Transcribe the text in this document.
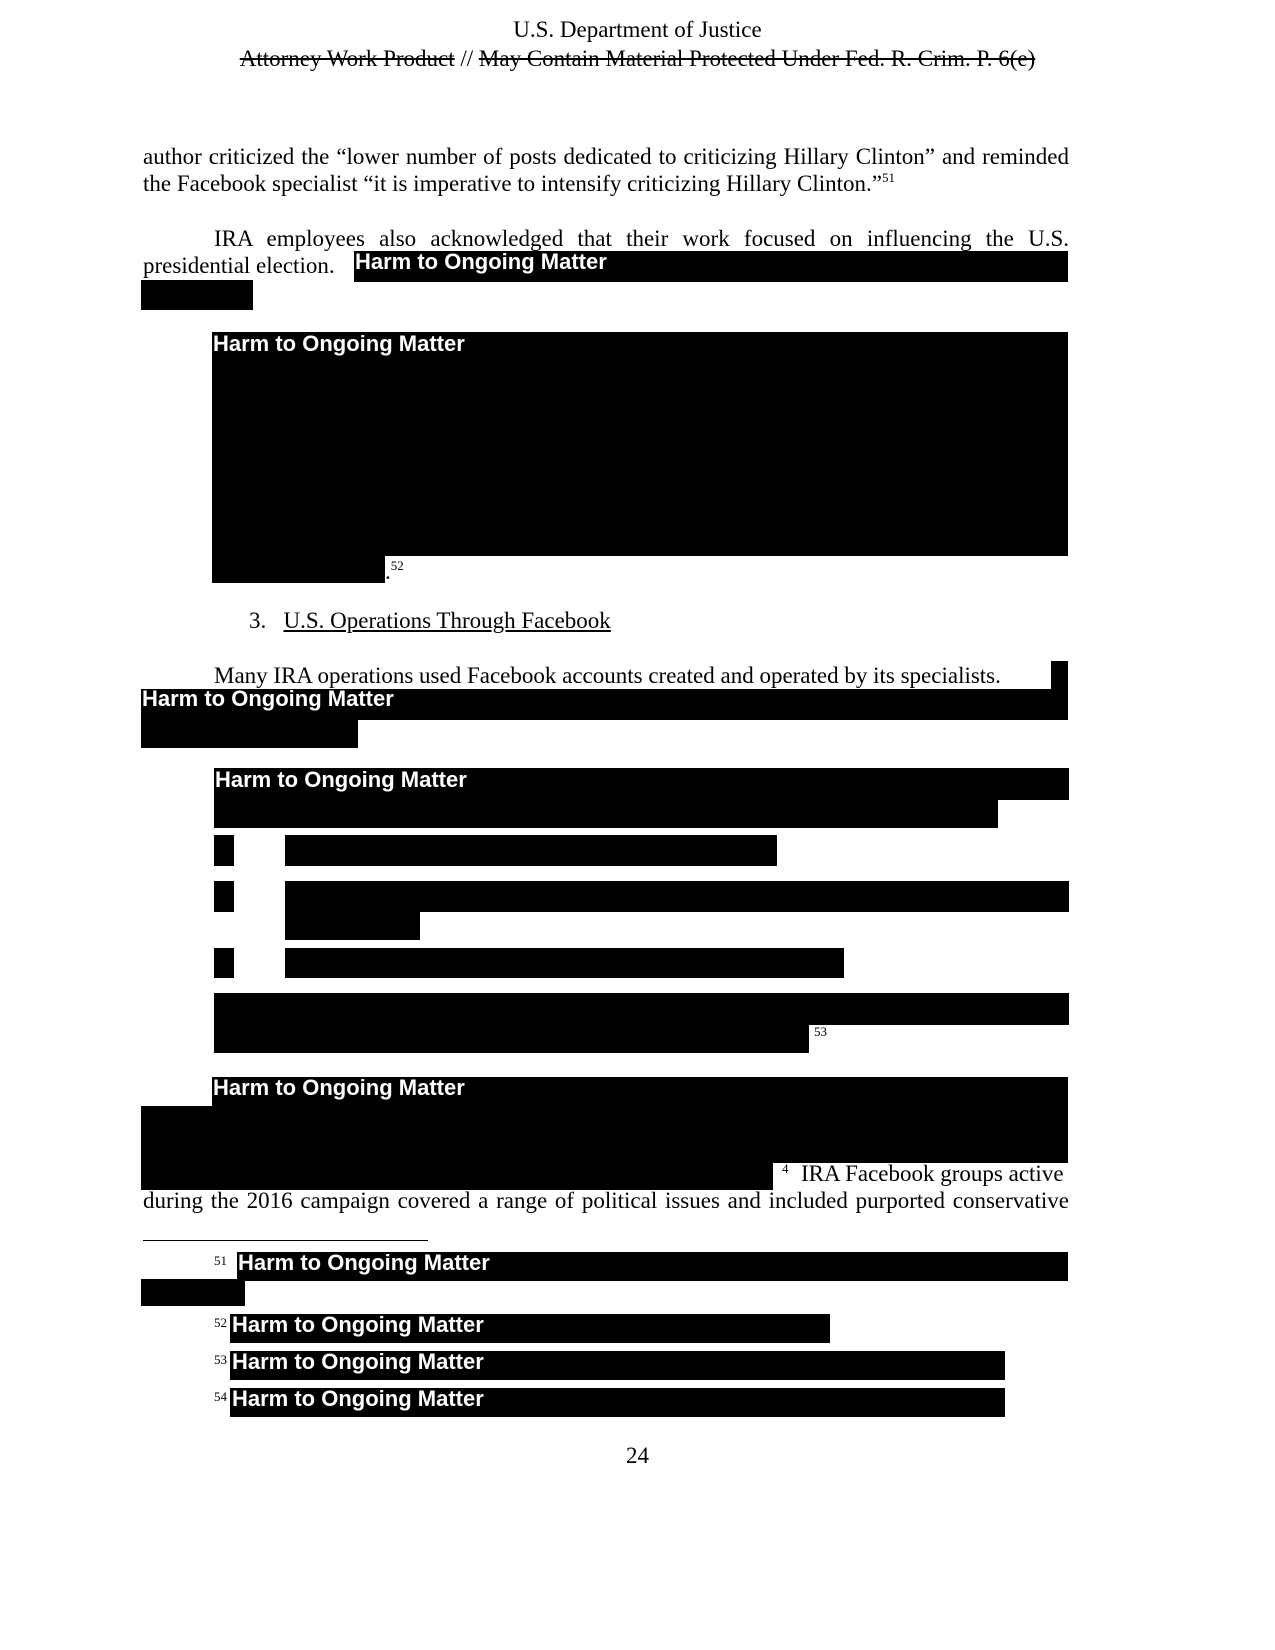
U.S. Department of Justice
Attorney Work Product // May Contain Material Protected Under Fed. R. Crim. P. 6(e)
author criticized the “lower number of posts dedicated to criticizing Hillary Clinton” and reminded
the Facebook specialist “it is imperative to intensify criticizing Hillary Clinton.”$^{51}$
IRA employees also acknowledged that their work focused on influencing the U.S.
presidential election. Harm to Ongoing Matter
Harm to Ongoing Matter
.$^{52}$
3. U.S. Operations Through Facebook
Many IRA operations used Facebook accounts created and operated by its specialists.
Harm to Ongoing Matter
Harm to Ongoing Matter
53
Harm to Ongoing Matter
4 IRA Facebook groups active
during the 2016 campaign covered a range of political issues and included purported conservative
51 Harm to Ongoing Matter
52 Harm to Ongoing Matter
53 Harm to Ongoing Matter
54 Harm to Ongoing Matter
24
